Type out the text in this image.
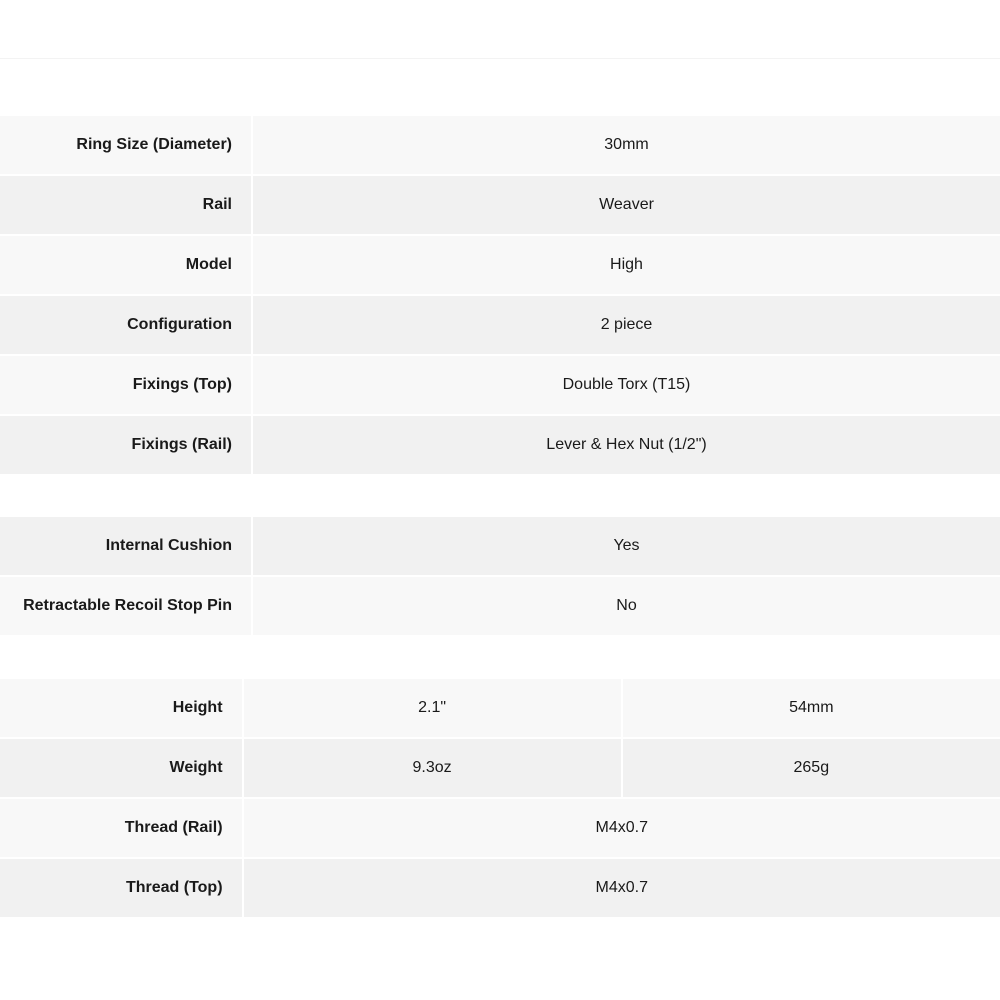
Ring Size (Diameter)	30mm
Rail	Weaver
Model	High
Configuration	2 piece
Fixings (Top)	Double Torx (T15)
Fixings (Rail)	Lever & Hex Nut (1/2")
Internal Cushion	Yes
Retractable Recoil Stop Pin	No
Height	2.1"	54mm
Weight	9.3oz	265g
Thread (Rail)	M4x0.7	
Thread (Top)	M4x0.7	
